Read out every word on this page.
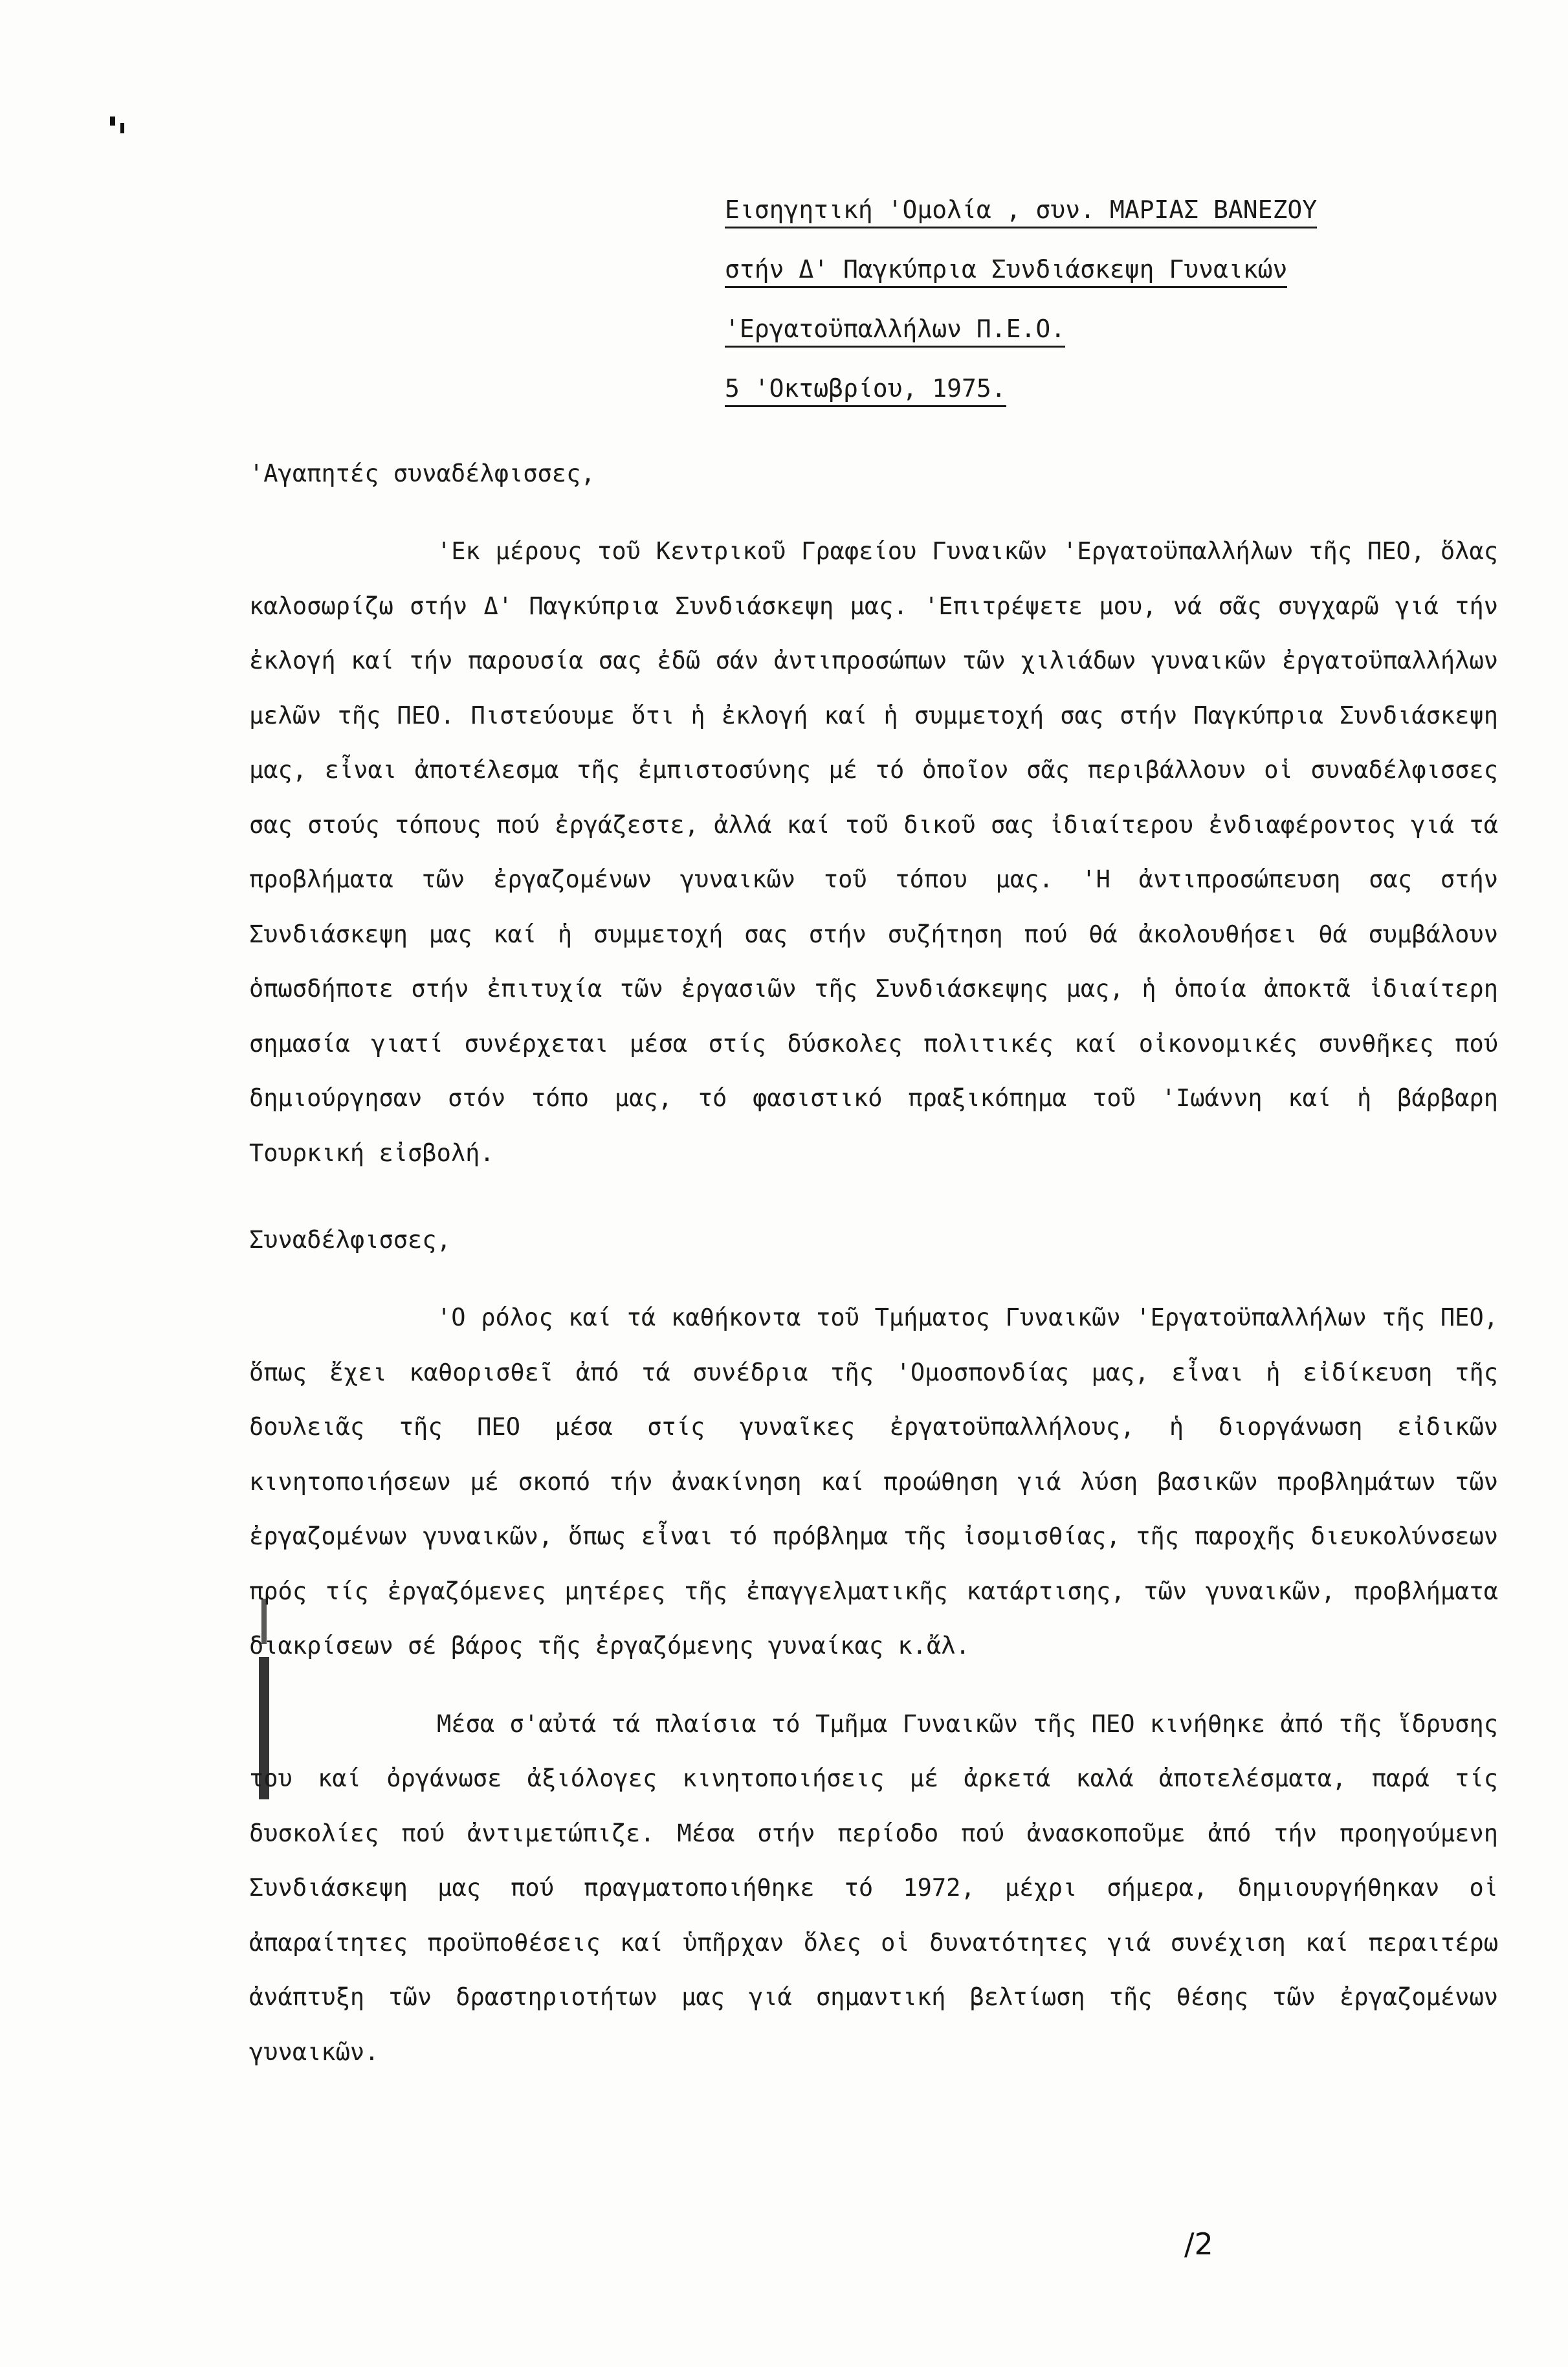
Εισηγητική 'Ομολία , συν. ΜΑΡΙΑΣ ΒΑΝΕΖΟΥ
στήν Δ' Παγκύπρια Συνδιάσκεψη Γυναικών
'Εργατοϋπαλλήλων Π.Ε.Ο.
5 'Οκτωβρίου, 1975.

'Αγαπητές συναδέλφισσες,

'Εκ μέρους τοῦ Κεντρικοῦ Γραφείου Γυναικῶν 'Εργατοϋπαλλήλων τῆς ΠΕΟ, ὅλας καλοσωρίζω στήν Δ' Παγκύπρια Συνδιάσκεψη μας. 'Επιτρέψετε μου, νά σᾶς συγχαρῶ γιά τήν ἐκλογή καί τήν παρουσία σας ἐδῶ σάν ἀντιπροσώπων τῶν χιλιάδων γυναικῶν ἐργατοϋπαλλήλων μελῶν τῆς ΠΕΟ. Πιστεύουμε ὅτι ἡ ἐκλογή καί ἡ συμμετοχή σας στήν Παγκύπρια Συνδιάσκεψη μας, εἶναι ἀποτέλεσμα τῆς ἐμπιστοσύνης μέ τό ὁποῖον σᾶς περιβάλλουν οἱ συναδέλφισσες σας στούς τόπους πού ἐργάζεστε, ἀλλά καί τοῦ δικοῦ σας ἰδιαίτερου ἐνδιαφέροντος γιά τά προβλήματα τῶν ἐργαζομένων γυναικῶν τοῦ τόπου μας. 'Η ἀντιπροσώπευση σας στήν Συνδιάσκεψη μας καί ἡ συμμετοχή σας στήν συζήτηση πού θά ἀκολουθήσει θά συμβάλουν ὁπωσδήποτε στήν ἐπιτυχία τῶν ἐργασιῶν τῆς Συνδιάσκεψης μας, ἡ ὁποία ἀποκτᾶ ἰδιαίτερη σημασία γιατί συνέρχεται μέσα στίς δύσκολες πολιτικές καί οἰκονομικές συνθῆκες πού δημιούργησαν στόν τόπο μας, τό φασιστικό πραξικόπημα τοῦ 'Ιωάννη καί ἡ βάρβαρη Τουρκική εἰσβολή.

Συναδέλφισσες,

'Ο ρόλος καί τά καθήκοντα τοῦ Τμήματος Γυναικῶν 'Εργατοϋπαλλήλων τῆς ΠΕΟ, ὅπως ἔχει καθορισθεῖ ἀπό τά συνέδρια τῆς 'Ομοσπονδίας μας, εἶναι ἡ εἰδίκευση τῆς δουλειᾶς τῆς ΠΕΟ μέσα στίς γυναῖκες ἐργατοϋπαλλήλους, ἡ διοργάνωση εἰδικῶν κινητοποιήσεων μέ σκοπό τήν ἀνακίνηση καί προώθηση γιά λύση βασικῶν προβλημάτων τῶν ἐργαζομένων γυναικῶν, ὅπως εἶναι τό πρόβλημα τῆς ἰσομισθίας, τῆς παροχῆς διευκολύνσεων πρός τίς ἐργαζόμενες μητέρες τῆς ἐπαγγελματικῆς κατάρτισης, τῶν γυναικῶν, προβλήματα διακρίσεων σέ βάρος τῆς ἐργαζόμενης γυναίκας κ.ἄλ.

Μέσα σ'αὐτά τά πλαίσια τό Τμῆμα Γυναικῶν τῆς ΠΕΟ κινήθηκε ἀπό τῆς ἵδρυσης του καί ὀργάνωσε ἀξιόλογες κινητοποιήσεις μέ ἀρκετά καλά ἀποτελέσματα, παρά τίς δυσκολίες πού ἀντιμετώπιζε. Μέσα στήν περίοδο πού ἀνασκοποῦμε ἀπό τήν προηγούμενη Συνδιάσκεψη μας πού πραγματοποιήθηκε τό 1972, μέχρι σήμερα, δημιουργήθηκαν οἱ ἀπαραίτητες προϋποθέσεις καί ὑπῆρχαν ὅλες οἱ δυνατότητες γιά συνέχιση καί περαιτέρω ἀνάπτυξη τῶν δραστηριοτήτων μας γιά σημαντική βελτίωση τῆς θέσης τῶν ἐργαζομένων γυναικῶν.

/2
